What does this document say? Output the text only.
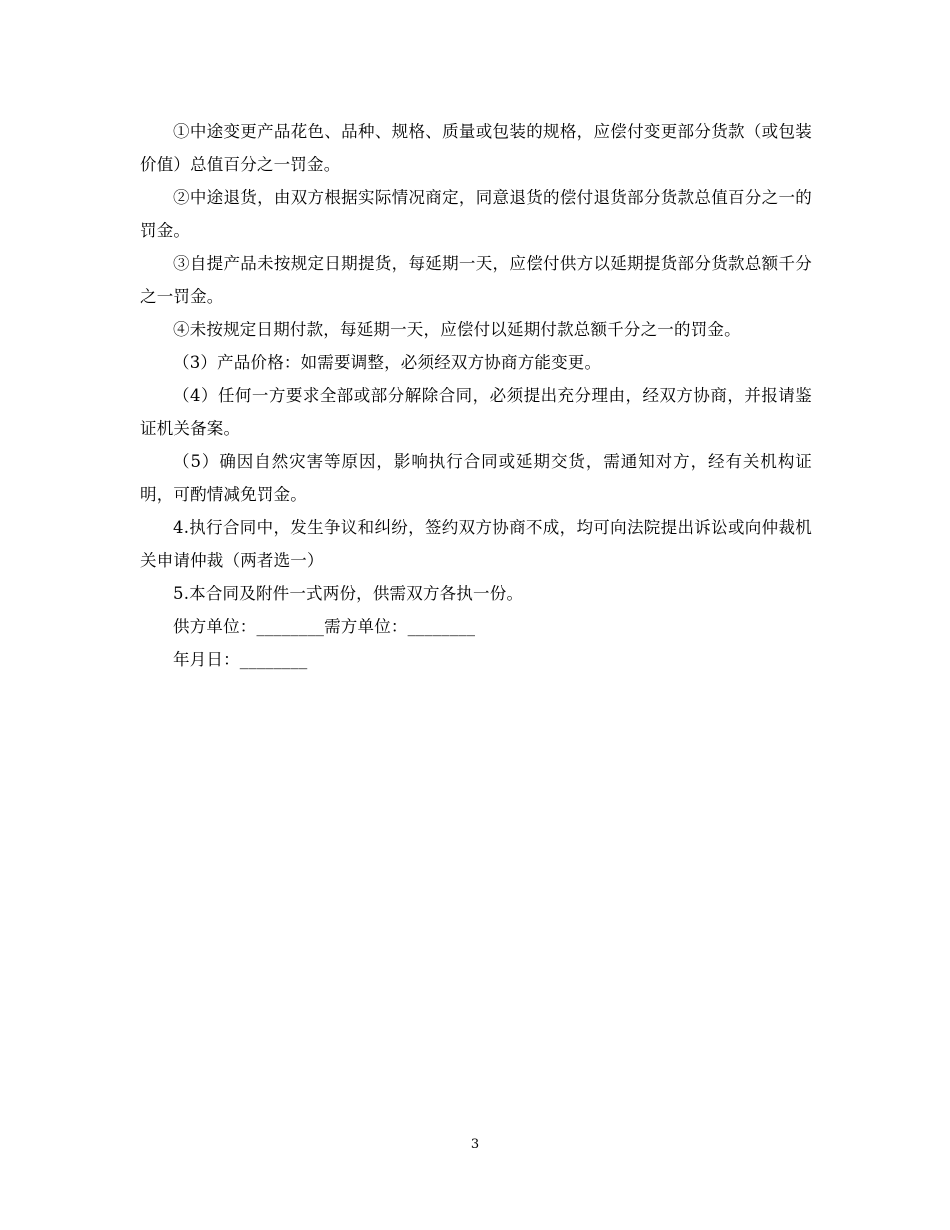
①中途变更产品花色、品种、规格、质量或包装的规格，应偿付变更部分货款（或包装价值）总值百分之一罚金。

②中途退货，由双方根据实际情况商定，同意退货的偿付退货部分货款总值百分之一的罚金。

③自提产品未按规定日期提货，每延期一天，应偿付供方以延期提货部分货款总额千分之一罚金。

④未按规定日期付款，每延期一天，应偿付以延期付款总额千分之一的罚金。

（3）产品价格：如需要调整，必须经双方协商方能变更。

（4）任何一方要求全部或部分解除合同，必须提出充分理由，经双方协商，并报请鉴证机关备案。

（5）确因自然灾害等原因，影响执行合同或延期交货，需通知对方，经有关机构证明，可酌情减免罚金。

4.执行合同中，发生争议和纠纷，签约双方协商不成，均可向法院提出诉讼或向仲裁机关申请仲裁（两者选一）

5.本合同及附件一式两份，供需双方各执一份。

供方单位：________需方单位：________

年月日：________

3
